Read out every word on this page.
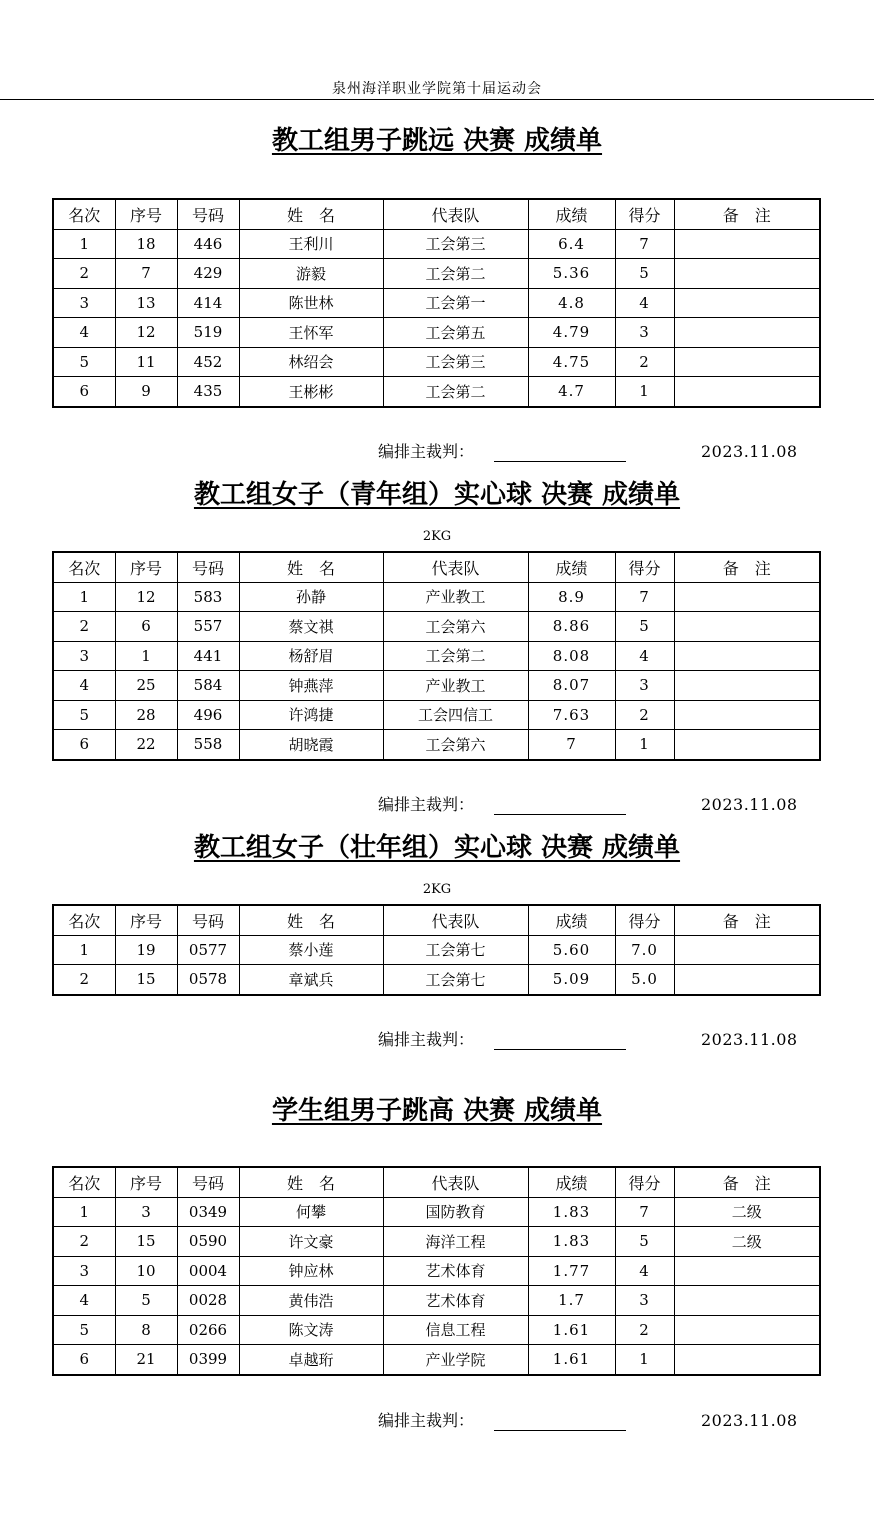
泉州海洋职业学院第十届运动会
教工组男子跳远 决赛 成绩单
名次	序号	号码	姓　名	代表队	成绩	得分	备　注
1	18	446	王利川	工会第三	6.4	7	
2	7	429	游毅	工会第二	5.36	5	
3	13	414	陈世林	工会第一	4.8	4	
4	12	519	王怀军	工会第五	4.79	3	
5	11	452	林绍会	工会第三	4.75	2	
6	9	435	王彬彬	工会第二	4.7	1	
编排主裁判：	2023.11.08
教工组女子（青年组）实心球 决赛 成绩单
2KG
名次	序号	号码	姓　名	代表队	成绩	得分	备　注
1	12	583	孙静	产业教工	8.9	7	
2	6	557	蔡文祺	工会第六	8.86	5	
3	1	441	杨舒眉	工会第二	8.08	4	
4	25	584	钟燕萍	产业教工	8.07	3	
5	28	496	许鸿捷	工会四信工	7.63	2	
6	22	558	胡晓霞	工会第六	7	1	
编排主裁判：	2023.11.08
教工组女子（壮年组）实心球 决赛 成绩单
2KG
名次	序号	号码	姓　名	代表队	成绩	得分	备　注
1	19	0577	蔡小莲	工会第七	5.60	7.0	
2	15	0578	章斌兵	工会第七	5.09	5.0	
编排主裁判：	2023.11.08
学生组男子跳高 决赛 成绩单
名次	序号	号码	姓　名	代表队	成绩	得分	备　注
1	3	0349	何攀	国防教育	1.83	7	二级
2	15	0590	许文豪	海洋工程	1.83	5	二级
3	10	0004	钟应林	艺术体育	1.77	4	
4	5	0028	黄伟浩	艺术体育	1.7	3	
5	8	0266	陈文涛	信息工程	1.61	2	
6	21	0399	卓越珩	产业学院	1.61	1	
编排主裁判：	2023.11.08
